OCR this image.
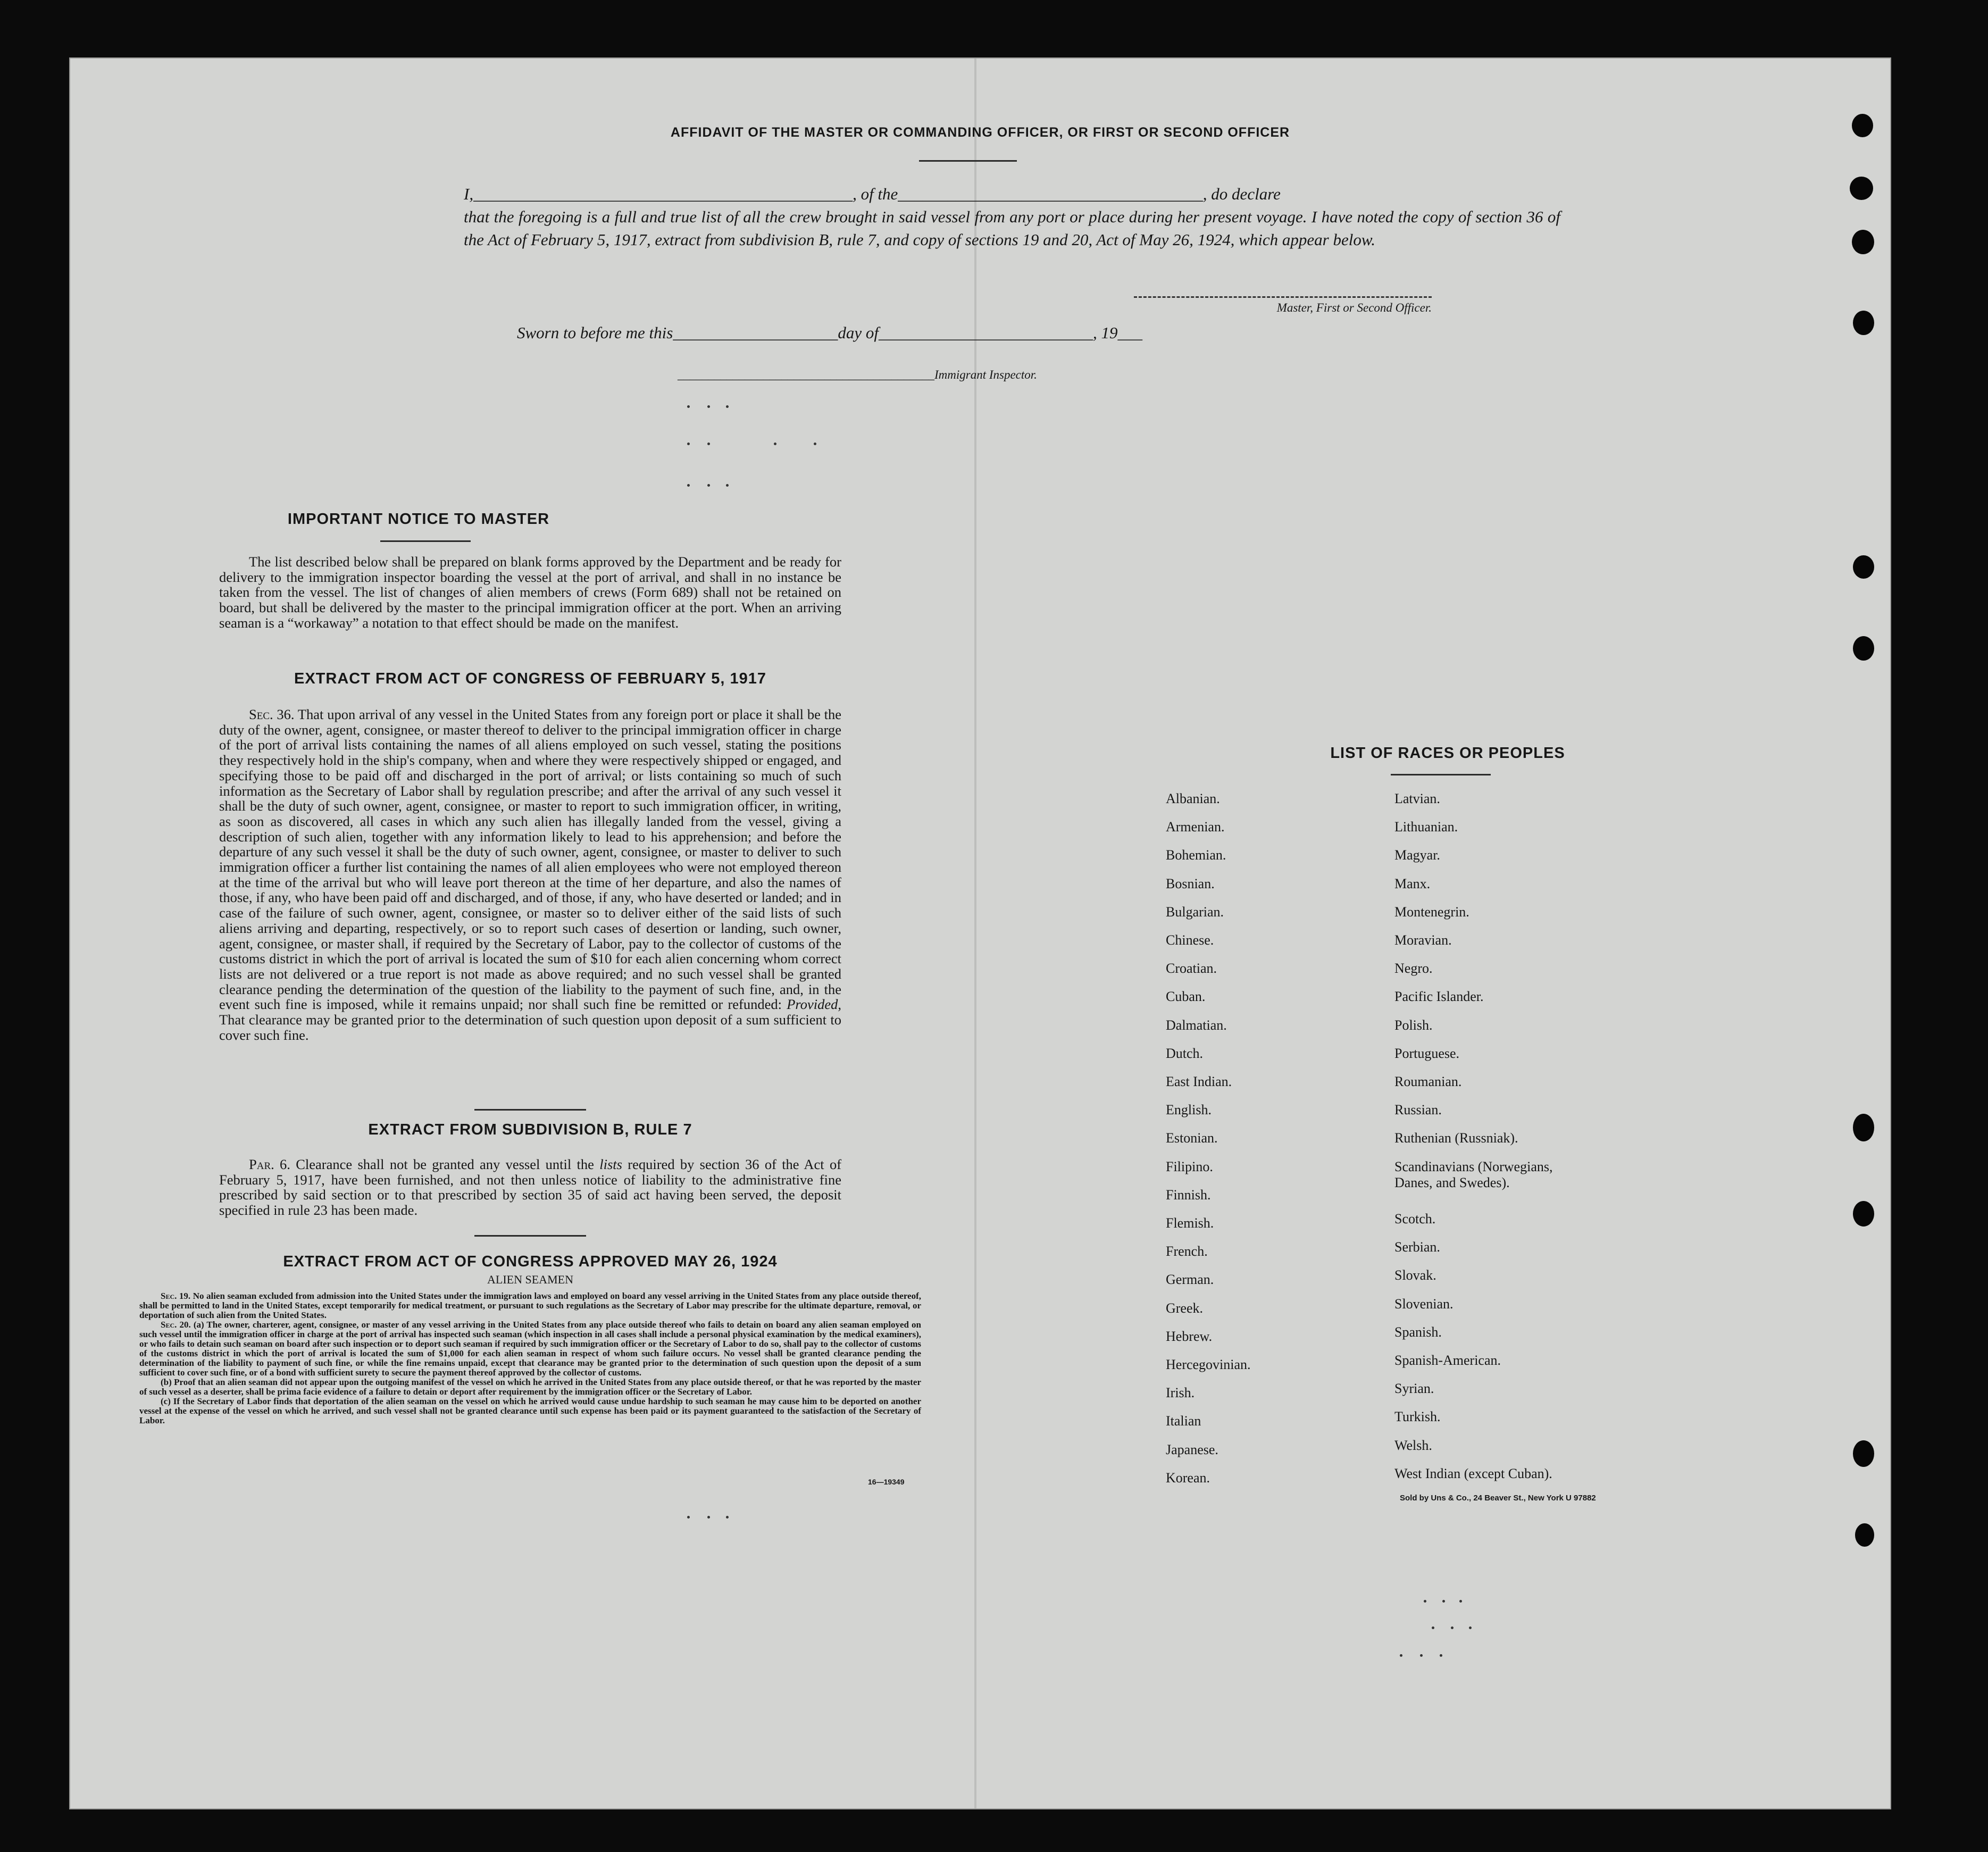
AFFIDAVIT OF THE MASTER OR COMMANDING OFFICER, OR FIRST OR SECOND OFFICER
I,______________________________________________, of the_____________________________________, do declare
that the foregoing is a full and true list of all the crew brought in said vessel from any port or place during her present voyage. I have noted the copy of section 36 of the Act of February 5, 1917, extract from subdivision B, rule 7, and copy of sections 19 and 20, Act of May 26, 1924, which appear below.
Master, First or Second Officer.
Sworn to before me this____________________day of__________________________, 19___
__________________________________________Immigrant Inspector.
IMPORTANT NOTICE TO MASTER

The list described below shall be prepared on blank forms approved by the Department and be ready for delivery to the immigration inspector boarding the vessel at the port of arrival, and shall in no instance be taken from the vessel. The list of changes of alien members of crews (Form 689) shall not be retained on board, but shall be delivered by the master to the principal immigration officer at the port. When an arriving seaman is a “workaway” a notation to that effect should be made on the manifest.

EXTRACT FROM ACT OF CONGRESS OF FEBRUARY 5, 1917

Sec. 36. That upon arrival of any vessel in the United States from any foreign port or place it shall be the duty of the owner, agent, consignee, or master thereof to deliver to the principal immigration officer in charge of the port of arrival lists containing the names of all aliens employed on such vessel, stating the positions they respectively hold in the ship's company, when and where they were respectively shipped or engaged, and specifying those to be paid off and discharged in the port of arrival; or lists containing so much of such information as the Secretary of Labor shall by regulation prescribe; and after the arrival of any such vessel it shall be the duty of such owner, agent, consignee, or master to report to such immigration officer, in writing, as soon as discovered, all cases in which any such alien has illegally landed from the vessel, giving a description of such alien, together with any information likely to lead to his apprehension; and before the departure of any such vessel it shall be the duty of such owner, agent, consignee, or master to deliver to such immigration officer a further list containing the names of all alien employees who were not employed thereon at the time of the arrival but who will leave port thereon at the time of her departure, and also the names of those, if any, who have been paid off and discharged, and of those, if any, who have deserted or landed; and in case of the failure of such owner, agent, consignee, or master so to deliver either of the said lists of such aliens arriving and departing, respectively, or so to report such cases of desertion or landing, such owner, agent, consignee, or master shall, if required by the Secretary of Labor, pay to the collector of customs of the customs district in which the port of arrival is located the sum of $10 for each alien concerning whom correct lists are not delivered or a true report is not made as above required; and no such vessel shall be granted clearance pending the determination of the question of the liability to the payment of such fine, and, in the event such fine is imposed, while it remains unpaid; nor shall such fine be remitted or refunded: Provided, That clearance may be granted prior to the determination of such question upon deposit of a sum sufficient to cover such fine.

EXTRACT FROM SUBDIVISION B, RULE 7

Par. 6. Clearance shall not be granted any vessel until the lists required by section 36 of the Act of February 5, 1917, have been furnished, and not then unless notice of liability to the administrative fine prescribed by said section or to that prescribed by section 35 of said act having been served, the deposit specified in rule 23 has been made.

EXTRACT FROM ACT OF CONGRESS APPROVED MAY 26, 1924
ALIEN SEAMEN

Sec. 19. No alien seaman excluded from admission into the United States under the immigration laws and employed on board any vessel arriving in the United States from any place outside thereof, shall be permitted to land in the United States, except temporarily for medical treatment, or pursuant to such regulations as the Secretary of Labor may prescribe for the ultimate departure, removal, or deportation of such alien from the United States.

Sec. 20. (a) The owner, charterer, agent, consignee, or master of any vessel arriving in the United States from any place outside thereof who fails to detain on board any alien seaman employed on such vessel until the immigration officer in charge at the port of arrival has inspected such seaman (which inspection in all cases shall include a personal physical examination by the medical examiners), or who fails to detain such seaman on board after such inspection or to deport such seaman if required by such immigration officer or the Secretary of Labor to do so, shall pay to the collector of customs of the customs district in which the port of arrival is located the sum of $1,000 for each alien seaman in respect of whom such failure occurs. No vessel shall be granted clearance pending the determination of the liability to payment of such fine, or while the fine remains unpaid, except that clearance may be granted prior to the determination of such question upon the deposit of a sum sufficient to cover such fine, or of a bond with sufficient surety to secure the payment thereof approved by the collector of customs.

(b) Proof that an alien seaman did not appear upon the outgoing manifest of the vessel on which he arrived in the United States from any place outside thereof, or that he was reported by the master of such vessel as a deserter, shall be prima facie evidence of a failure to detain or deport after requirement by the immigration officer or the Secretary of Labor.

(c) If the Secretary of Labor finds that deportation of the alien seaman on the vessel on which he arrived would cause undue hardship to such seaman he may cause him to be deported on another vessel at the expense of the vessel on which he arrived, and such vessel shall not be granted clearance until such expense has been paid or its payment guaranteed to the satisfaction of the Secretary of Labor.

16—19349
LIST OF RACES OR PEOPLES
Albanian.
Armenian.
Bohemian.
Bosnian.
Bulgarian.
Chinese.
Croatian.
Cuban.
Dalmatian.
Dutch.
East Indian.
English.
Estonian.
Filipino.
Finnish.
Flemish.
French.
German.
Greek.
Hebrew.
Hercegovinian.
Irish.
Italian
Japanese.
Korean.
Latvian.
Lithuanian.
Magyar.
Manx.
Montenegrin.
Moravian.
Negro.
Pacific Islander.
Polish.
Portuguese.
Roumanian.
Russian.
Ruthenian (Russniak).
Scandinavians (Norwegians, Danes, and Swedes).
Scotch.
Serbian.
Slovak.
Slovenian.
Spanish.
Spanish-American.
Syrian.
Turkish.
Welsh.
West Indian (except Cuban).
Sold by Uns & Co., 24 Beaver St., New York U 97882
